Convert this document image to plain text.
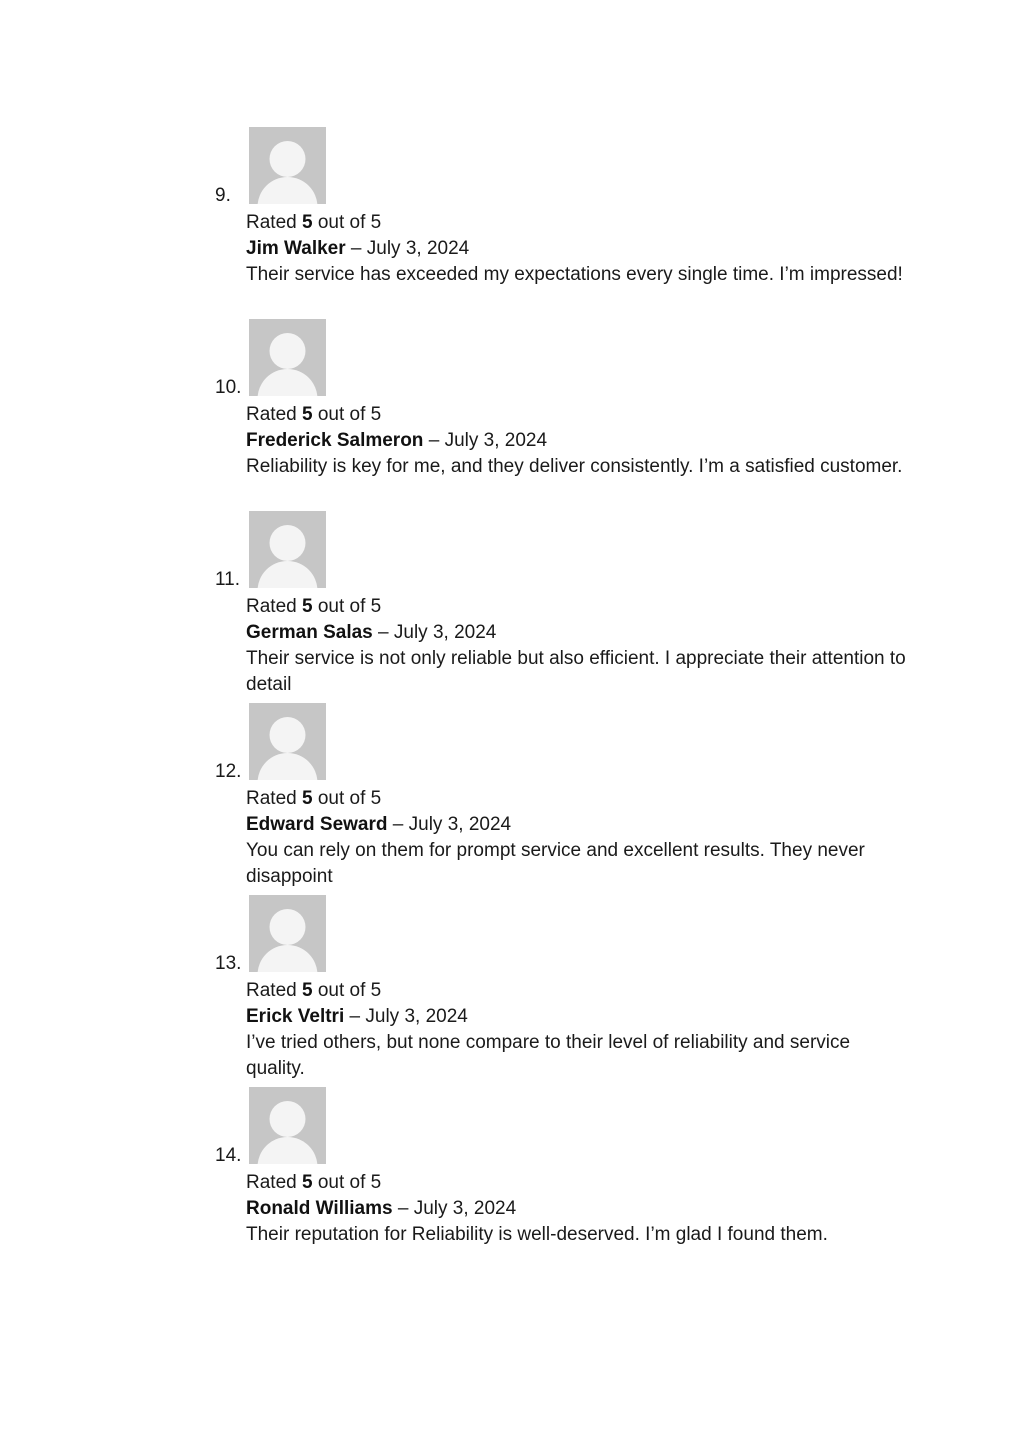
9.
Rated 5 out of 5
Jim Walker – July 3, 2024
Their service has exceeded my expectations every single time. I’m impressed!
10.
Rated 5 out of 5
Frederick Salmeron – July 3, 2024
Reliability is key for me, and they deliver consistently. I’m a satisfied customer.
11.
Rated 5 out of 5
German Salas – July 3, 2024
Their service is not only reliable but also efficient. I appreciate their attention to detail
12.
Rated 5 out of 5
Edward Seward – July 3, 2024
You can rely on them for prompt service and excellent results. They never disappoint
13.
Rated 5 out of 5
Erick Veltri – July 3, 2024
I’ve tried others, but none compare to their level of reliability and service quality.
14.
Rated 5 out of 5
Ronald Williams – July 3, 2024
Their reputation for Reliability is well-deserved. I’m glad I found them.
